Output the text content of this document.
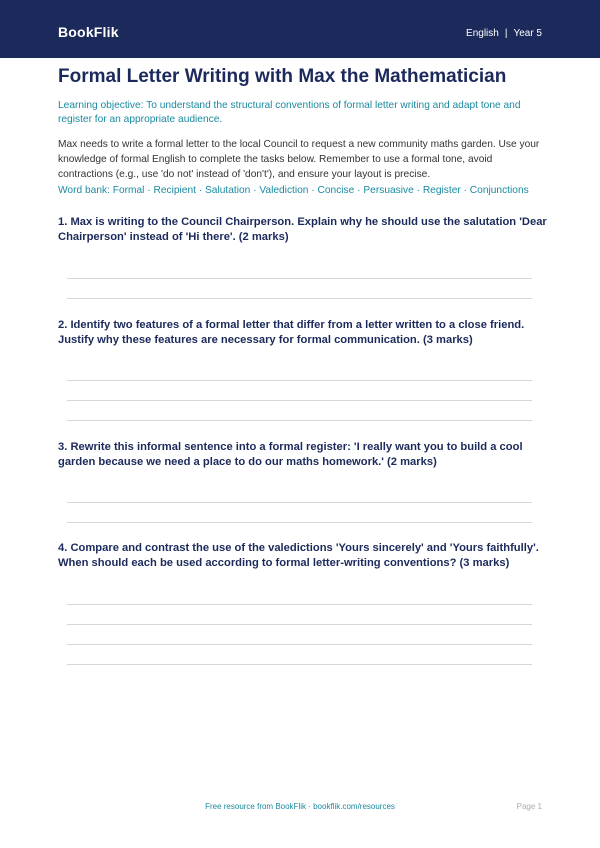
BookFlik	English | Year 5
Formal Letter Writing with Max the Mathematician

Learning objective: To understand the structural conventions of formal letter writing and adapt tone and register for an appropriate audience.

Max needs to write a formal letter to the local Council to request a new community maths garden. Use your knowledge of formal English to complete the tasks below. Remember to use a formal tone, avoid contractions (e.g., use 'do not' instead of 'don't'), and ensure your layout is precise.

Word bank: Formal · Recipient · Salutation · Valediction · Concise · Persuasive · Register · Conjunctions

1. Max is writing to the Council Chairperson. Explain why he should use the salutation 'Dear Chairperson' instead of 'Hi there'. (2 marks)

2. Identify two features of a formal letter that differ from a letter written to a close friend. Justify why these features are necessary for formal communication. (3 marks)

3. Rewrite this informal sentence into a formal register: 'I really want you to build a cool garden because we need a place to do our maths homework.' (2 marks)

4. Compare and contrast the use of the valedictions 'Yours sincerely' and 'Yours faithfully'. When should each be used according to formal letter-writing conventions? (3 marks)

Free resource from BookFlik · bookflik.com/resources	Page 1
